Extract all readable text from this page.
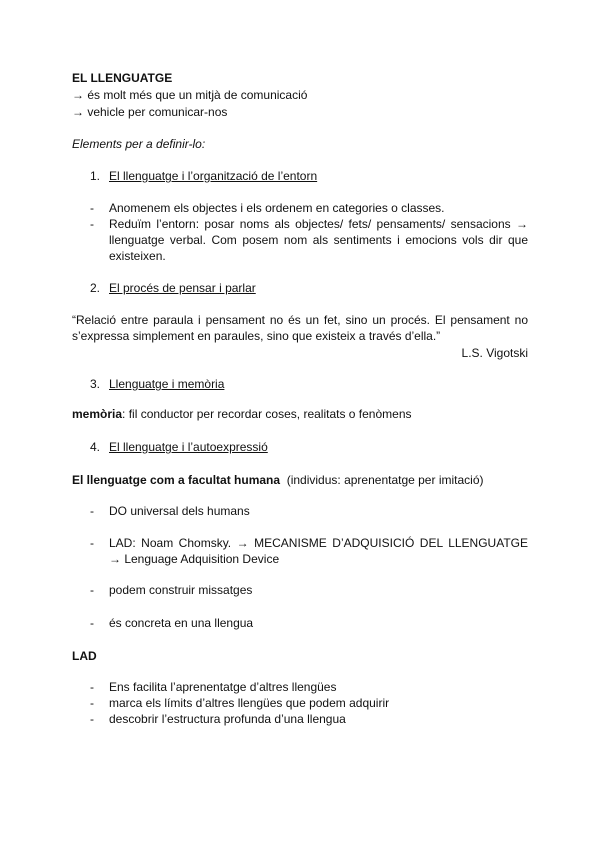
EL LLENGUATGE

→ és molt més que un mitjà de comunicació

→ vehicle per comunicar-nos

Elements per a definir-lo:

1. El llenguatge i l’organització de l’entorn

- Anomenem els objectes i els ordenem en categories o classes.
- Reduïm l’entorn: posar noms als objectes/ fets/ pensaments/ sensacions → llenguatge verbal. Com posem nom als sentiments i emocions vols dir que existeixen.

2. El procés de pensar i parlar

“Relació entre paraula i pensament no és un fet, sino un procés. El pensament no s’expressa simplement en paraules, sino que existeix a través d’ella.”

L.S. Vigotski

3. Llenguatge i memòria

memòria: fil conductor per recordar coses, realitats o fenòmens

4. El llenguatge i l’autoexpressió

El llenguatge com a facultat humana  (individus: aprenentatge per imitació)

- DO universal dels humans
- LAD: Noam Chomsky. → MECANISME D’ADQUISICIÓ DEL LLENGUATGE → Lenguage Adquisition Device
- podem construir missatges
- és concreta en una llengua

LAD

- Ens facilita l’aprenentatge d’altres llengües
- marca els límits d’altres llengües que podem adquirir
- descobrir l’estructura profunda d’una llengua
